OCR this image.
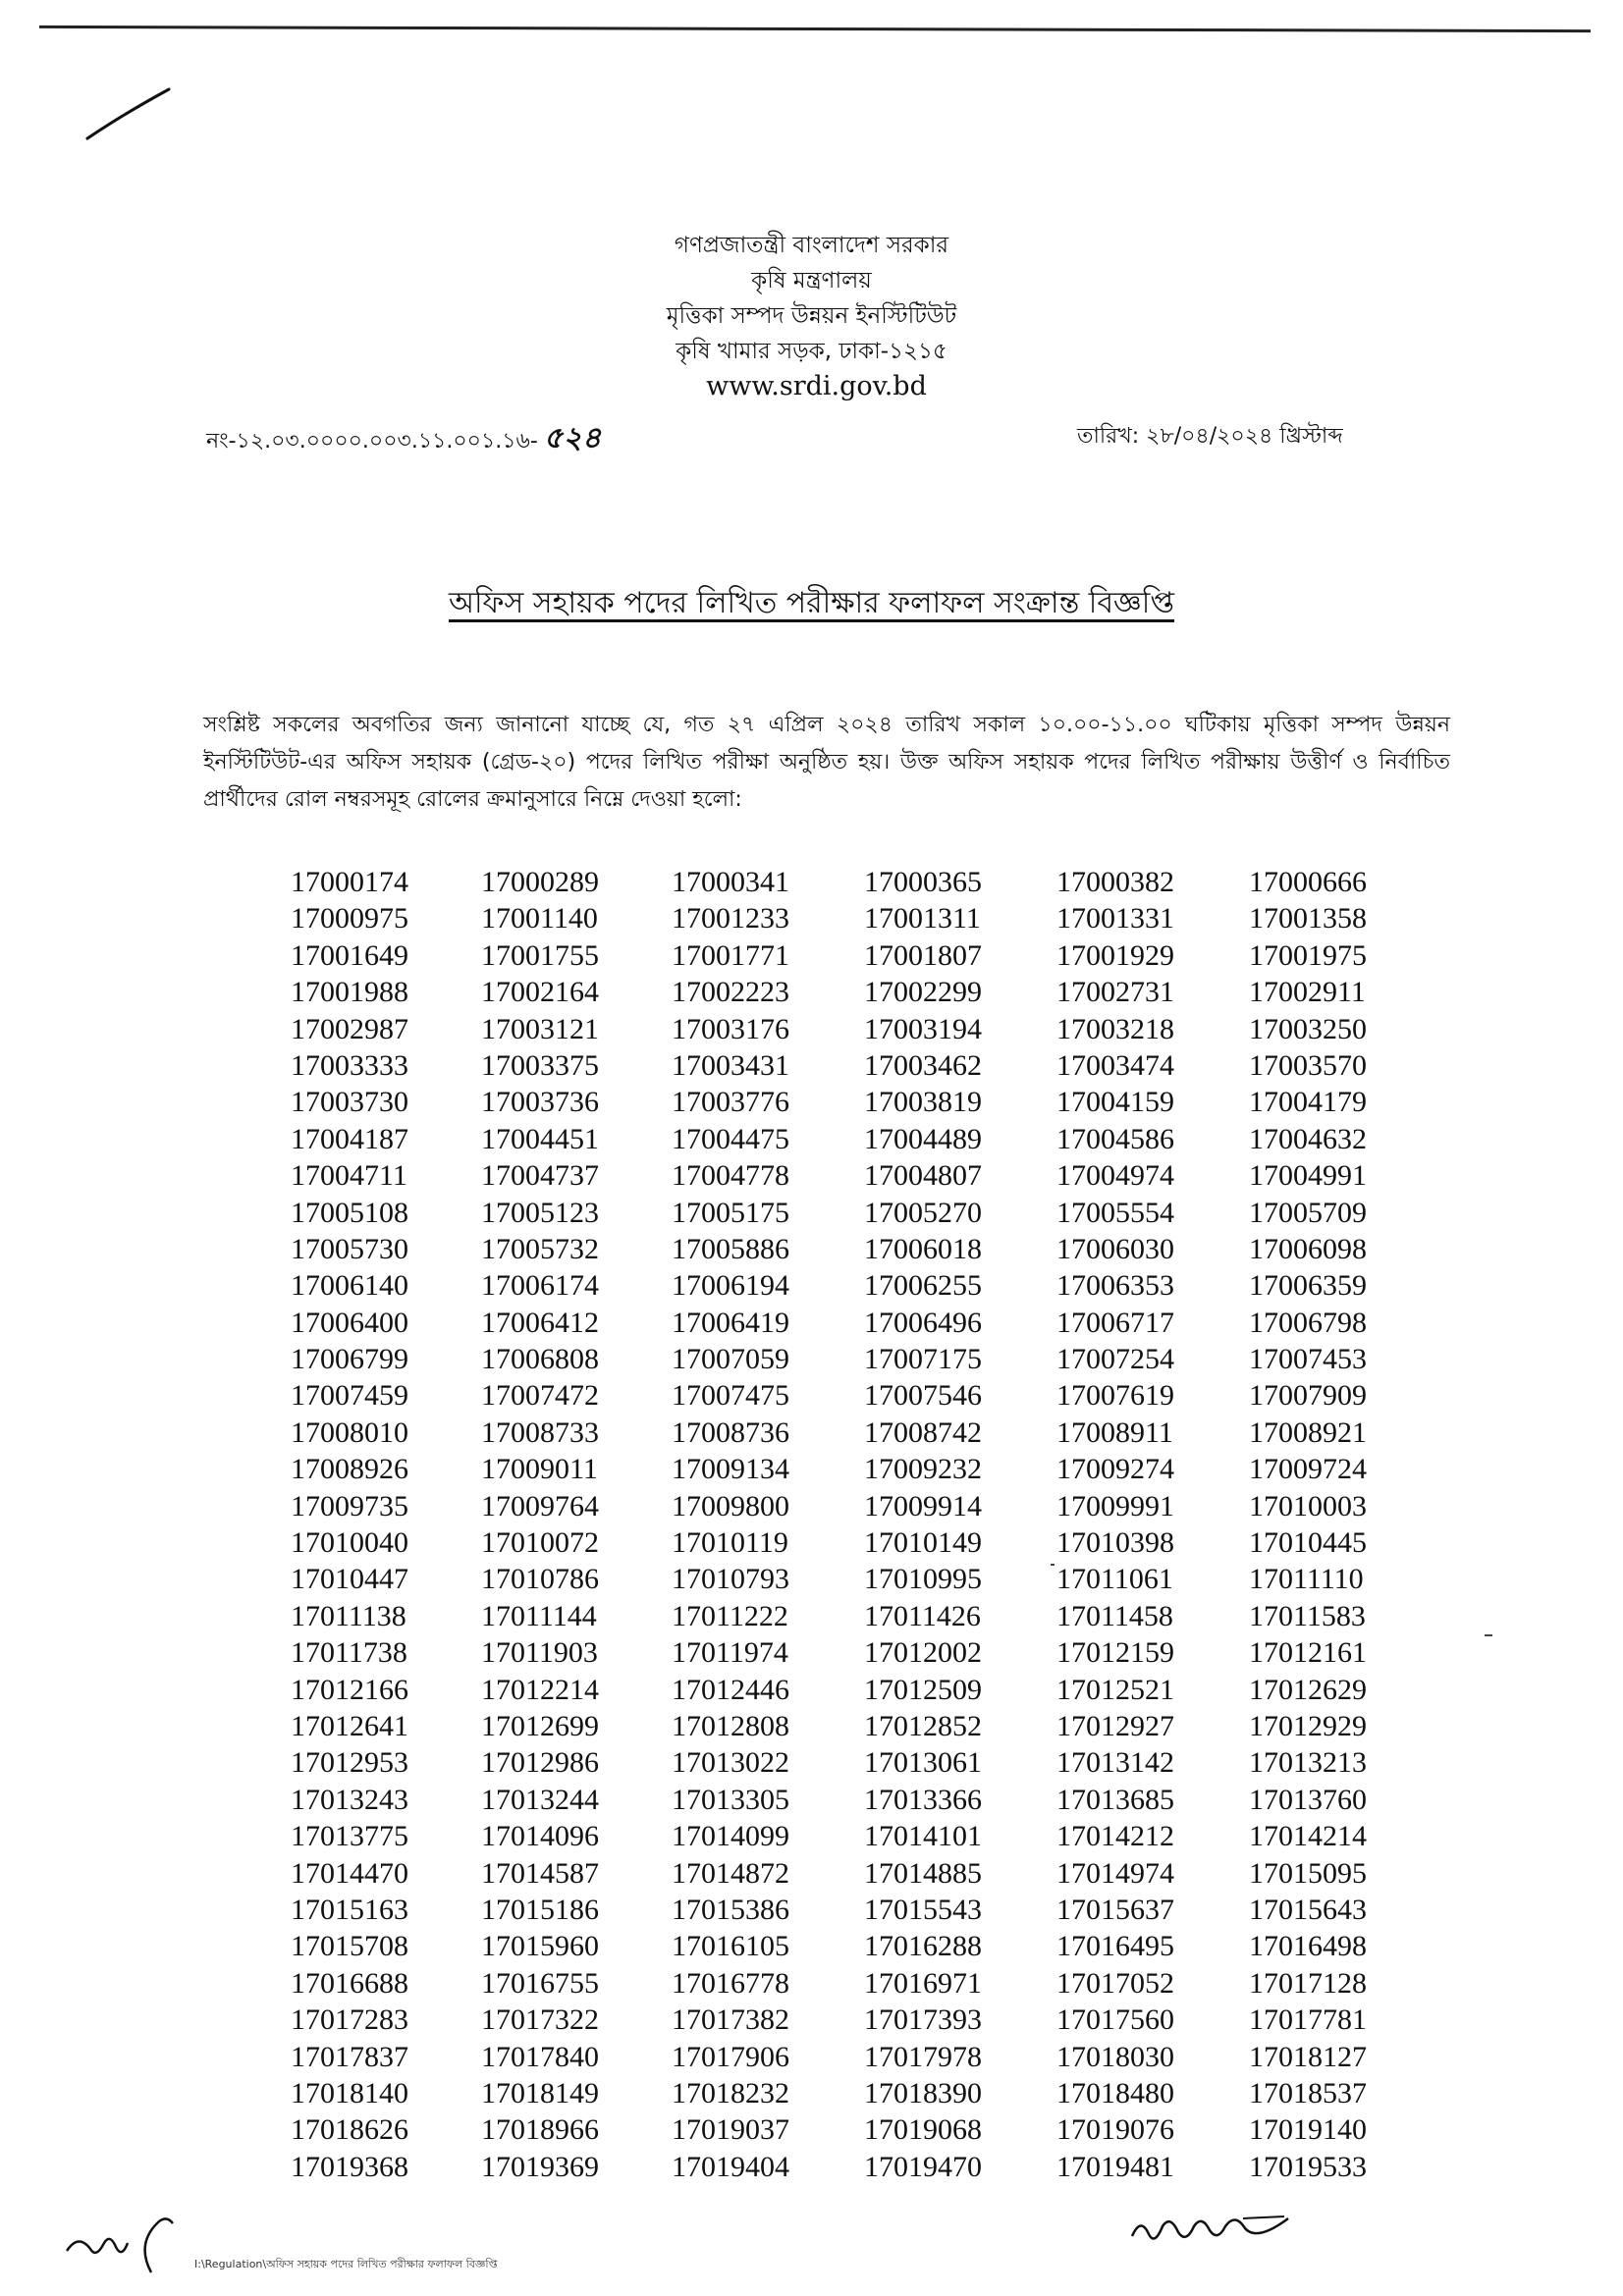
গণপ্রজাতন্ত্রী বাংলাদেশ সরকার
কৃষি মন্ত্রণালয়
মৃত্তিকা সম্পদ উন্নয়ন ইনস্টিটিউট
কৃষি খামার সড়ক, ঢাকা-১২১৫
www.srdi.gov.bd
নং-১২.০৩.০০০০.০০৩.১১.০০১.১৬- ৫২৪	তারিখ: ২৮/০৪/২০২৪ খ্রিস্টাব্দ
অফিস সহায়ক পদের লিখিত পরীক্ষার ফলাফল সংক্রান্ত বিজ্ঞপ্তি
সংশ্লিষ্ট সকলের অবগতির জন্য জানানো যাচ্ছে যে, গত ২৭ এপ্রিল ২০২৪ তারিখ সকাল ১০.০০-১১.০০ ঘটিকায় মৃত্তিকা সম্পদ উন্নয়ন ইনস্টিটিউট-এর অফিস সহায়ক (গ্রেড-২০) পদের লিখিত পরীক্ষা অনুষ্ঠিত হয়। উক্ত অফিস সহায়ক পদের লিখিত পরীক্ষায় উত্তীর্ণ ও নির্বাচিত প্রার্থীদের রোল নম্বরসমূহ রোলের ক্রমানুসারে নিম্নে দেওয়া হলো:
17000174	17000289	17000341	17000365	17000382	17000666
17000975	17001140	17001233	17001311	17001331	17001358
17001649	17001755	17001771	17001807	17001929	17001975
17001988	17002164	17002223	17002299	17002731	17002911
17002987	17003121	17003176	17003194	17003218	17003250
17003333	17003375	17003431	17003462	17003474	17003570
17003730	17003736	17003776	17003819	17004159	17004179
17004187	17004451	17004475	17004489	17004586	17004632
17004711	17004737	17004778	17004807	17004974	17004991
17005108	17005123	17005175	17005270	17005554	17005709
17005730	17005732	17005886	17006018	17006030	17006098
17006140	17006174	17006194	17006255	17006353	17006359
17006400	17006412	17006419	17006496	17006717	17006798
17006799	17006808	17007059	17007175	17007254	17007453
17007459	17007472	17007475	17007546	17007619	17007909
17008010	17008733	17008736	17008742	17008911	17008921
17008926	17009011	17009134	17009232	17009274	17009724
17009735	17009764	17009800	17009914	17009991	17010003
17010040	17010072	17010119	17010149	17010398	17010445
17010447	17010786	17010793	17010995	17011061	17011110
17011138	17011144	17011222	17011426	17011458	17011583
17011738	17011903	17011974	17012002	17012159	17012161
17012166	17012214	17012446	17012509	17012521	17012629
17012641	17012699	17012808	17012852	17012927	17012929
17012953	17012986	17013022	17013061	17013142	17013213
17013243	17013244	17013305	17013366	17013685	17013760
17013775	17014096	17014099	17014101	17014212	17014214
17014470	17014587	17014872	17014885	17014974	17015095
17015163	17015186	17015386	17015543	17015637	17015643
17015708	17015960	17016105	17016288	17016495	17016498
17016688	17016755	17016778	17016971	17017052	17017128
17017283	17017322	17017382	17017393	17017560	17017781
17017837	17017840	17017906	17017978	17018030	17018127
17018140	17018149	17018232	17018390	17018480	17018537
17018626	17018966	17019037	17019068	17019076	17019140
17019368	17019369	17019404	17019470	17019481	17019533
I:\Regulation\অফিস সহায়ক পদের লিখিত পরীক্ষার ফলাফল বিজ্ঞপ্তি
